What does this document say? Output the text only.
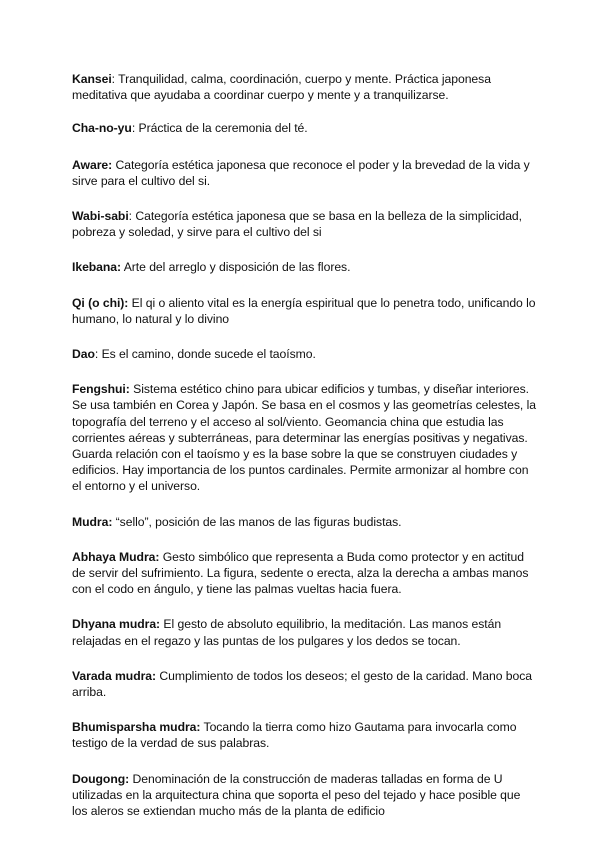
Kansei: Tranquilidad, calma, coordinación, cuerpo y mente. Práctica japonesa meditativa que ayudaba a coordinar cuerpo y mente y a tranquilizarse.

Cha-no-yu: Práctica de la ceremonia del té.

Aware: Categoría estética japonesa que reconoce el poder y la brevedad de la vida y sirve para el cultivo del si.

Wabi-sabi: Categoría estética japonesa que se basa en la belleza de la simplicidad, pobreza y soledad, y sirve para el cultivo del si

Ikebana: Arte del arreglo y disposición de las flores.

Qi (o chi): El qi o aliento vital es la energía espiritual que lo penetra todo, unificando lo humano, lo natural y lo divino

Dao: Es el camino, donde sucede el taoísmo.

Fengshui: Sistema estético chino para ubicar edificios y tumbas, y diseñar interiores. Se usa también en Corea y Japón. Se basa en el cosmos y las geometrías celestes, la topografía del terreno y el acceso al sol/viento. Geomancia china que estudia las corrientes aéreas y subterráneas, para determinar las energías positivas y negativas. Guarda relación con el taoísmo y es la base sobre la que se construyen ciudades y edificios. Hay importancia de los puntos cardinales. Permite armonizar al hombre con el entorno y el universo.

Mudra: “sello”, posición de las manos de las figuras budistas.

Abhaya Mudra: Gesto simbólico que representa a Buda como protector y en actitud de servir del sufrimiento. La figura, sedente o erecta, alza la derecha a ambas manos con el codo en ángulo, y tiene las palmas vueltas hacia fuera.

Dhyana mudra: El gesto de absoluto equilibrio, la meditación. Las manos están relajadas en el regazo y las puntas de los pulgares y los dedos se tocan.

Varada mudra: Cumplimiento de todos los deseos; el gesto de la caridad. Mano boca arriba.

Bhumisparsha mudra: Tocando la tierra como hizo Gautama para invocarla como testigo de la verdad de sus palabras.

Dougong: Denominación de la construcción de maderas talladas en forma de U utilizadas en la arquitectura china que soporta el peso del tejado y hace posible que los aleros se extiendan mucho más de la planta de edificio
